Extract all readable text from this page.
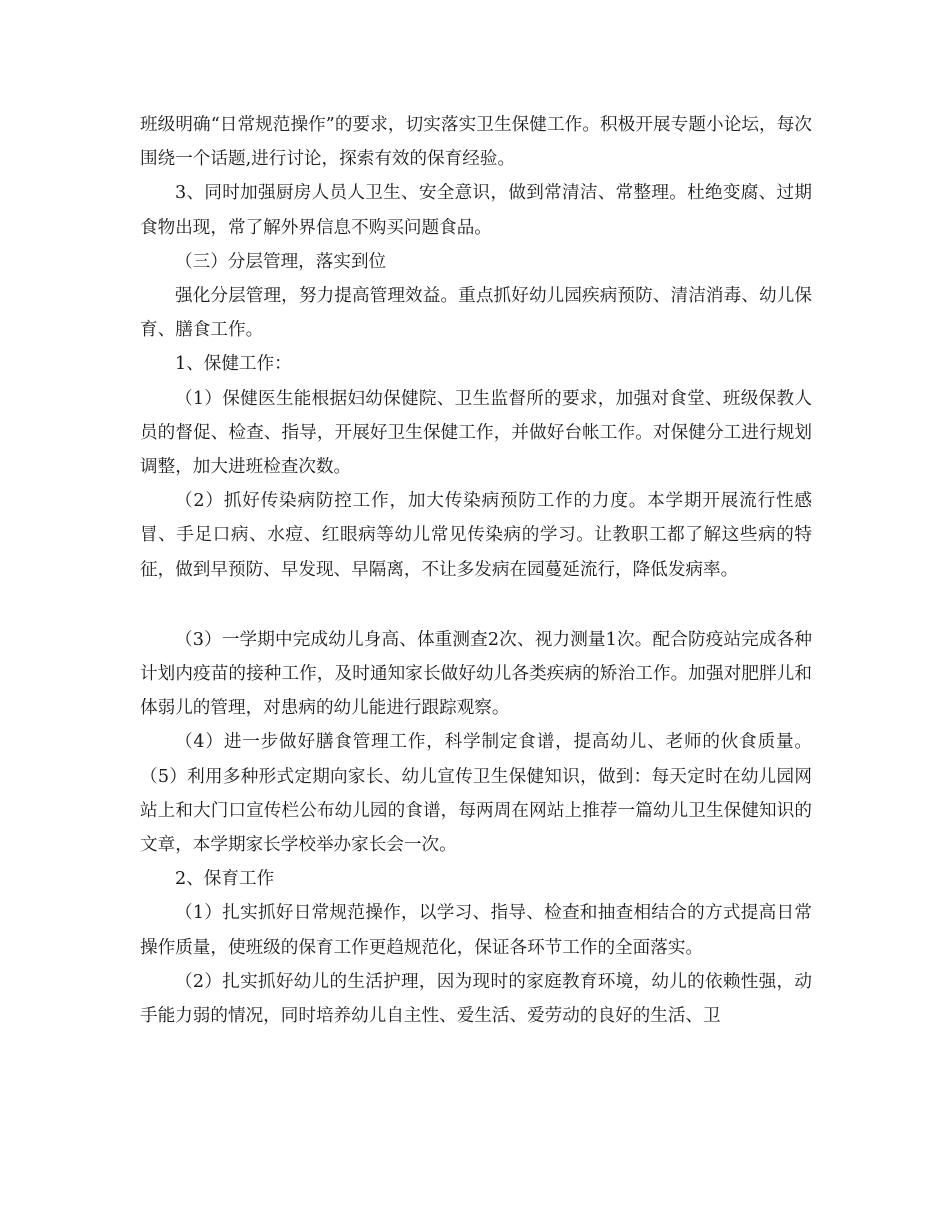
班级明确“日常规范操作”的要求，切实落实卫生保健工作。积极开展专题小论坛，每次围绕一个话题,进行讨论，探索有效的保育经验。

3、同时加强厨房人员人卫生、安全意识，做到常清洁、常整理。杜绝变腐、过期食物出现，常了解外界信息不购买问题食品。

（三）分层管理，落实到位

强化分层管理，努力提高管理效益。重点抓好幼儿园疾病预防、清洁消毒、幼儿保育、膳食工作。

1、保健工作：

（1）保健医生能根据妇幼保健院、卫生监督所的要求，加强对食堂、班级保教人员的督促、检查、指导，开展好卫生保健工作，并做好台帐工作。对保健分工进行规划调整，加大进班检查次数。

（2）抓好传染病防控工作，加大传染病预防工作的力度。本学期开展流行性感冒、手足口病、水痘、红眼病等幼儿常见传染病的学习。让教职工都了解这些病的特征，做到早预防、早发现、早隔离，不让多发病在园蔓延流行，降低发病率。

（3）一学期中完成幼儿身高、体重测查2次、视力测量1次。配合防疫站完成各种计划内疫苗的接种工作，及时通知家长做好幼儿各类疾病的矫治工作。加强对肥胖儿和体弱儿的管理，对患病的幼儿能进行跟踪观察。

（4）进一步做好膳食管理工作，科学制定食谱，提高幼儿、老师的伙食质量。（5）利用多种形式定期向家长、幼儿宣传卫生保健知识，做到：每天定时在幼儿园网站上和大门口宣传栏公布幼儿园的食谱，每两周在网站上推荐一篇幼儿卫生保健知识的文章，本学期家长学校举办家长会一次。

2、保育工作

（1）扎实抓好日常规范操作，以学习、指导、检查和抽查相结合的方式提高日常操作质量，使班级的保育工作更趋规范化，保证各环节工作的全面落实。

（2）扎实抓好幼儿的生活护理，因为现时的家庭教育环境，幼儿的依赖性强，动手能力弱的情况，同时培养幼儿自主性、爱生活、爱劳动的良好的生活、卫
